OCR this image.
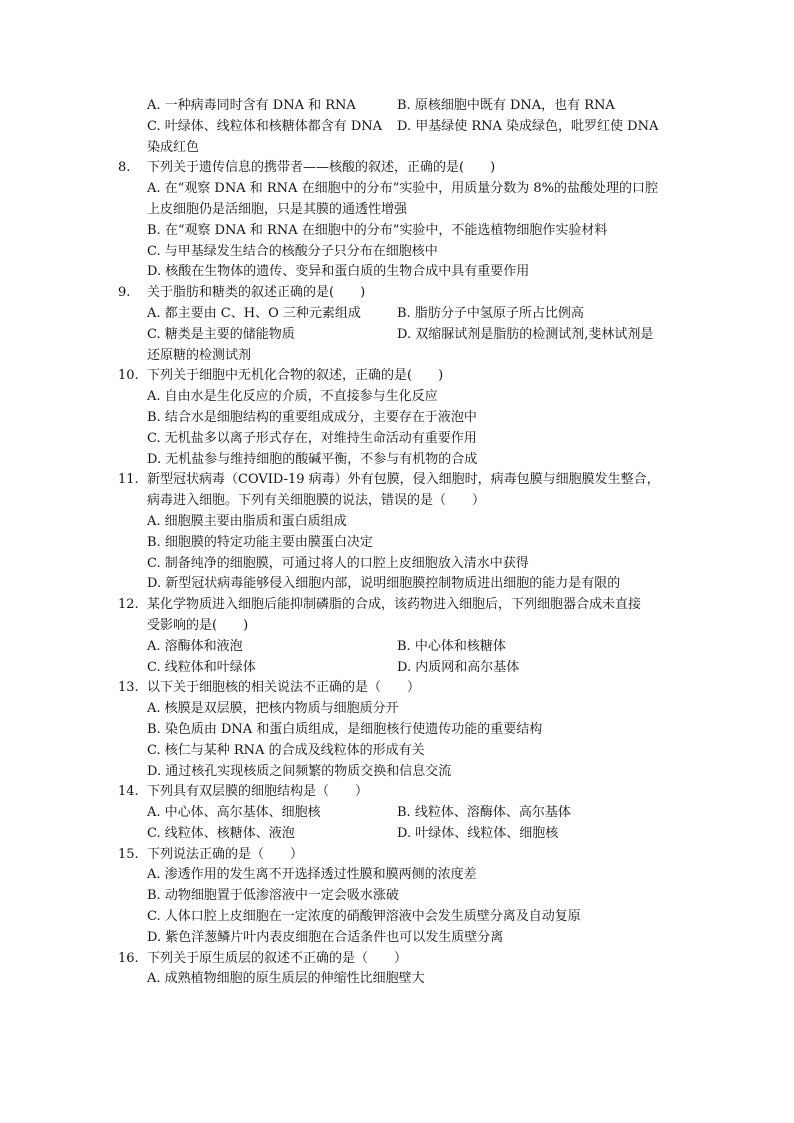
A. 一种病毒同时含有 DNA 和 RNA	B. 原核细胞中既有 DNA，也有 RNA
C. 叶绿体、线粒体和核糖体都含有 DNA	D. 甲基绿使 RNA 染成绿色，吡罗红使 DNA
染成红色
8.	下列关于遗传信息的携带者——核酸的叙述，正确的是(　　)
A. 在“观察 DNA 和 RNA 在细胞中的分布”实验中，用质量分数为 8%的盐酸处理的口腔
上皮细胞仍是活细胞，只是其膜的通透性增强
B. 在“观察 DNA 和 RNA 在细胞中的分布”实验中，不能选植物细胞作实验材料
C. 与甲基绿发生结合的核酸分子只分布在细胞核中
D. 核酸在生物体的遗传、变异和蛋白质的生物合成中具有重要作用
9.	关于脂肪和糖类的叙述正确的是(　　)
A. 都主要由 C、H、O 三种元素组成	B. 脂肪分子中氢原子所占比例高
C. 糖类是主要的储能物质	D. 双缩脲试剂是脂肪的检测试剂,斐林试剂是
还原糖的检测试剂
10. 下列关于细胞中无机化合物的叙述，正确的是(　　)
A. 自由水是生化反应的介质，不直接参与生化反应
B. 结合水是细胞结构的重要组成成分，主要存在于液泡中
C. 无机盐多以离子形式存在，对维持生命活动有重要作用
D. 无机盐参与维持细胞的酸碱平衡，不参与有机物的合成
11. 新型冠状病毒（COVID-19 病毒）外有包膜，侵入细胞时，病毒包膜与细胞膜发生整合，
病毒进入细胞。下列有关细胞膜的说法，错误的是（　　）
A. 细胞膜主要由脂质和蛋白质组成
B. 细胞膜的特定功能主要由膜蛋白决定
C. 制备纯净的细胞膜，可通过将人的口腔上皮细胞放入清水中获得
D. 新型冠状病毒能够侵入细胞内部，说明细胞膜控制物质进出细胞的能力是有限的
12. 某化学物质进入细胞后能抑制磷脂的合成，该药物进入细胞后，下列细胞器合成未直接
受影响的是(　　)
A. 溶酶体和液泡	B. 中心体和核糖体
C. 线粒体和叶绿体	D. 内质网和高尔基体
13. 以下关于细胞核的相关说法不正确的是（　　）
A. 核膜是双层膜，把核内物质与细胞质分开
B. 染色质由 DNA 和蛋白质组成，是细胞核行使遗传功能的重要结构
C. 核仁与某种 RNA 的合成及线粒体的形成有关
D. 通过核孔实现核质之间频繁的物质交换和信息交流
14. 下列具有双层膜的细胞结构是（　　）
A. 中心体、高尔基体、细胞核	B. 线粒体、溶酶体、高尔基体
C. 线粒体、核糖体、液泡	D. 叶绿体、线粒体、细胞核
15. 下列说法正确的是（　　）
A. 渗透作用的发生离不开选择透过性膜和膜两侧的浓度差
B. 动物细胞置于低渗溶液中一定会吸水涨破
C. 人体口腔上皮细胞在一定浓度的硝酸钾溶液中会发生质壁分离及自动复原
D. 紫色洋葱鳞片叶内表皮细胞在合适条件也可以发生质壁分离
16. 下列关于原生质层的叙述不正确的是（　　）
A. 成熟植物细胞的原生质层的伸缩性比细胞壁大
